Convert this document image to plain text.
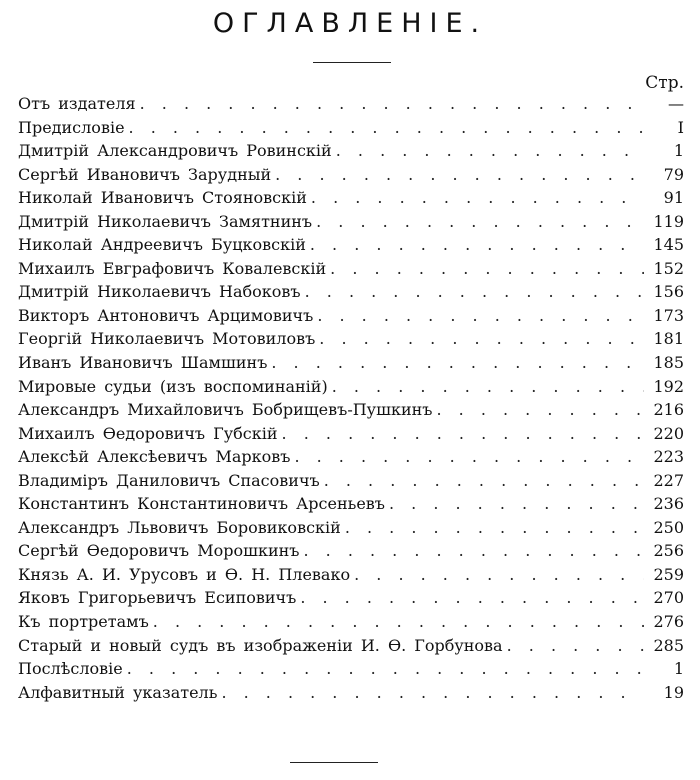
ОГЛАВЛЕНIЕ.
Стр.
Отъ издателя . . .	—
Предисловiе . . .	I
Дмитрiй Александровичъ Ровинскiй . . .	1
Сергѣй Ивановичъ Зарудный . . .	79
Николай Ивановичъ Стояновскiй . . .	91
Дмитрiй Николаевичъ Замятнинъ . . .	119
Николай Андреевичъ Буцковскiй . . .	145
Михаилъ Евграфовичъ Ковалевскiй . . .	152
Дмитрiй Николаевичъ Набоковъ . . .	156
Викторъ Антоновичъ Арцимовичъ . . .	173
Георгiй Николаевичъ Мотовиловъ . . .	181
Иванъ Ивановичъ Шамшинъ . . .	185
Мировые судьи (изъ воспоминанiй) . . .	192
Александръ Михайловичъ Бобрищевъ-Пушкинъ . . .	216
Михаилъ Өедоровичъ Губскiй . . .	220
Алексѣй Алексѣевичъ Марковъ . . .	223
Владимiръ Даниловичъ Спасовичъ . . .	227
Константинъ Константиновичъ Арсеньевъ . . .	236
Александръ Львовичъ Боровиковскiй . . .	250
Сергѣй Өедоровичъ Морошкинъ . . .	256
Князь А. И. Урусовъ и Ѳ. Н. Плевако . . .	259
Яковъ Григорьевичъ Есиповичъ . . .	270
Къ портретамъ . . .	276
Старый и новый судъ въ изображенiи И. Ѳ. Горбунова . . .	285
Послѣсловiе . . .	1
Алфавитный указатель . . .	19
